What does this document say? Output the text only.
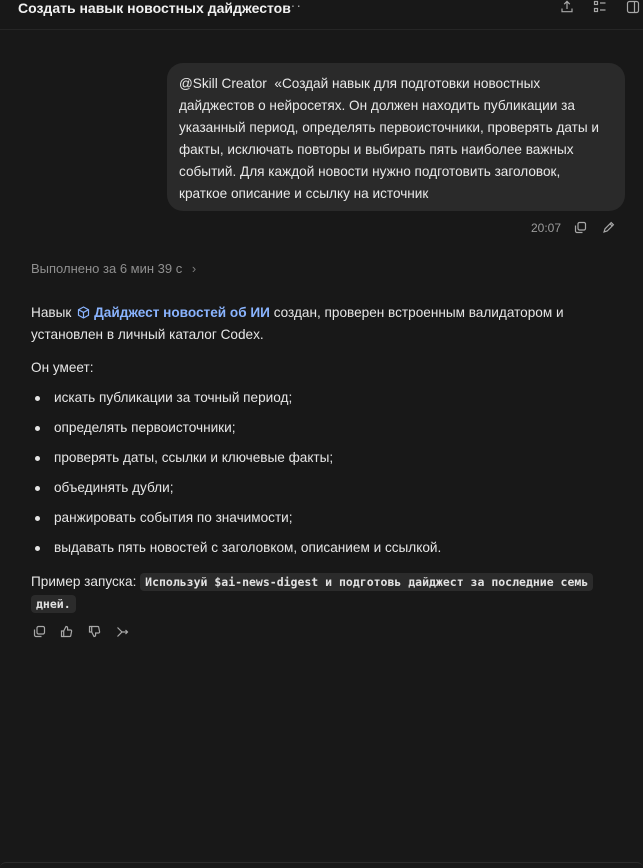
Создать навык новостных дайджестов
···
@Skill Creator «Создай навык для подготовки новостных дайджестов о нейросетях. Он должен находить публикации за указанный период, определять первоисточники, проверять даты и факты, исключать повторы и выбирать пять наиболее важных событий. Для каждой новости нужно подготовить заголовок, краткое описание и ссылку на источник
20:07
Выполнено за 6 мин 39 с ›

Навык Дайджест новостей об ИИ создан, проверен встроенным валидатором и установлен в личный каталог Codex.

Он умеет:

искать публикации за точный период;
определять первоисточники;
проверять даты, ссылки и ключевые факты;
объединять дубли;
ранжировать события по значимости;
выдавать пять новостей с заголовком, описанием и ссылкой.

Пример запуска: Используй $ai-news-digest и подготовь дайджест за последние семь
дней.
